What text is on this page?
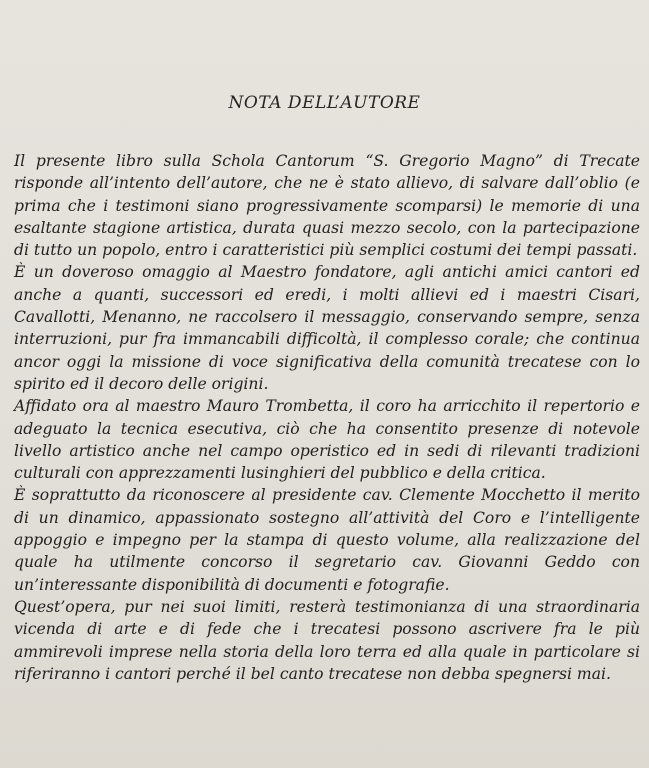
NOTA DELL’AUTORE

Il presente libro sulla Schola Cantorum “S. Gregorio Magno” di Trecate risponde all’intento dell’autore, che ne è stato allievo, di salvare dall’oblio (e prima che i testimoni siano progressivamente scomparsi) le memorie di una esaltante stagione artistica, durata quasi mezzo secolo, con la partecipazione di tutto un popolo, entro i caratteristici più semplici costumi dei tempi passati.

È un doveroso omaggio al Maestro fondatore, agli antichi amici cantori ed anche a quanti, successori ed eredi, i molti allievi ed i maestri Cisari, Cavallotti, Menanno, ne raccolsero il messaggio, conservando sempre, senza interruzioni, pur fra immancabili difficoltà, il complesso corale; che continua ancor oggi la missione di voce significativa della comunità trecatese con lo spirito ed il decoro delle origini.

Affidato ora al maestro Mauro Trombetta, il coro ha arricchito il repertorio e adeguato la tecnica esecutiva, ciò che ha consentito presenze di notevole livello artistico anche nel campo operistico ed in sedi di rilevanti tradizioni culturali con apprezzamenti lusinghieri del pubblico e della critica.

È soprattutto da riconoscere al presidente cav. Clemente Mocchetto il merito di un dinamico, appassionato sostegno all’attività del Coro e l’intelligente appoggio e impegno per la stampa di questo volume, alla realizzazione del quale ha utilmente concorso il segretario cav. Giovanni Geddo con un’interessante disponibilità di documenti e fotografie.

Quest’opera, pur nei suoi limiti, resterà testimonianza di una straordinaria vicenda di arte e di fede che i trecatesi possono ascrivere fra le più ammirevoli imprese nella storia della loro terra ed alla quale in particolare si riferiranno i cantori perché il bel canto trecatese non debba spegnersi mai.
